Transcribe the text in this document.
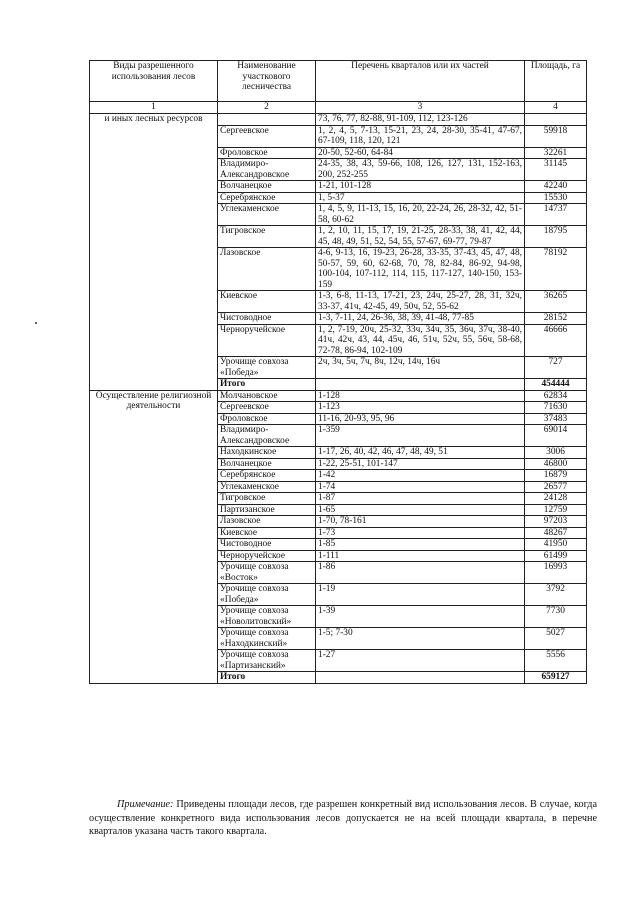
Виды разрешенного использования лесов	Наименование участкового лесничества	Перечень кварталов или их частей	Площадь, га
1	2	3	4
и иных лесных ресурсов		73, 76, 77, 82-88, 91-109, 112, 123-126	
	Сергеевское	1, 2, 4, 5, 7-13, 15-21, 23, 24, 28-30, 35-41, 47-67, 67-109, 118, 120, 121	59918
	Фроловское	20-50, 52-60, 64-84	32261
	Владимиро-Александровское	24-35, 38, 43, 59-66, 108, 126, 127, 131, 152-163, 200, 252-255	31145
	Волчанецкое	1-21, 101-128	42240
	Серебрянское	1, 5-37	15530
	Углекаменское	1, 4, 5, 9, 11-13, 15, 16, 20, 22-24, 26, 28-32, 42, 51-58, 60-62	14737
	Тигровское	1, 2, 10, 11, 15, 17, 19, 21-25, 28-33, 38, 41, 42, 44, 45, 48, 49, 51, 52, 54, 55, 57-67, 69-77, 79-87	18795
	Лазовское	4-6, 9-13, 16, 19-23, 26-28, 33-35, 37-43, 45, 47, 48, 50-57, 59, 60, 62-68, 70, 78, 82-84, 86-92, 94-98, 100-104, 107-112, 114, 115, 117-127, 140-150, 153-159	78192
	Киевское	1-3, 6-8, 11-13, 17-21, 23, 24ч, 25-27, 28, 31, 32ч, 33-37, 41ч, 42-45, 49, 50ч, 52, 55-62	36265
	Чистоводное	1-3, 7-11, 24, 26-36, 38, 39, 41-48, 77-85	28152
	Черноручейское	1, 2, 7-19, 20ч, 25-32, 33ч, 34ч, 35, 36ч, 37ч, 38-40, 41ч, 42ч, 43, 44, 45ч, 46, 51ч, 52ч, 55, 56ч, 58-68, 72-78, 86-94, 102-109	46666
	Урочище совхоза «Победа»	2ч, 3ч, 5ч, 7ч, 8ч, 12ч, 14ч, 16ч	727
	Итого		454444
Осуществление религиозной деятельности	Молчановское	1-128	62834
	Сергеевское	1-123	71630
	Фроловское	11-16, 20-93, 95, 96	37483
	Владимиро-Александровское	1-359	69014
	Находкинское	1-17, 26, 40, 42, 46, 47, 48, 49, 51	3006
	Волчанецкое	1-22, 25-51, 101-147	46800
	Серебрянское	1-42	16879
	Углекаменское	1-74	26577
	Тигровское	1-87	24128
	Партизанское	1-65	12759
	Лазовское	1-70, 78-161	97203
	Киевское	1-73	48267
	Чистоводное	1-85	41950
	Черноручейское	1-111	61499
	Урочище совхоза «Восток»	1-86	16993
	Урочище совхоза «Победа»	1-19	3792
	Урочище совхоза «Новолитовский»	1-39	7730
	Урочище совхоза «Находкинский»	1-5; 7-30	5027
	Урочище совхоза «Партизанский»	1-27	5556
	Итого		659127

Примечание: Приведены площади лесов, где разрешен конкретный вид использования лесов. В случае, когда осуществление конкретного вида использования лесов допускается не на всей площади квартала, в перечне кварталов указана часть такого квартала.
